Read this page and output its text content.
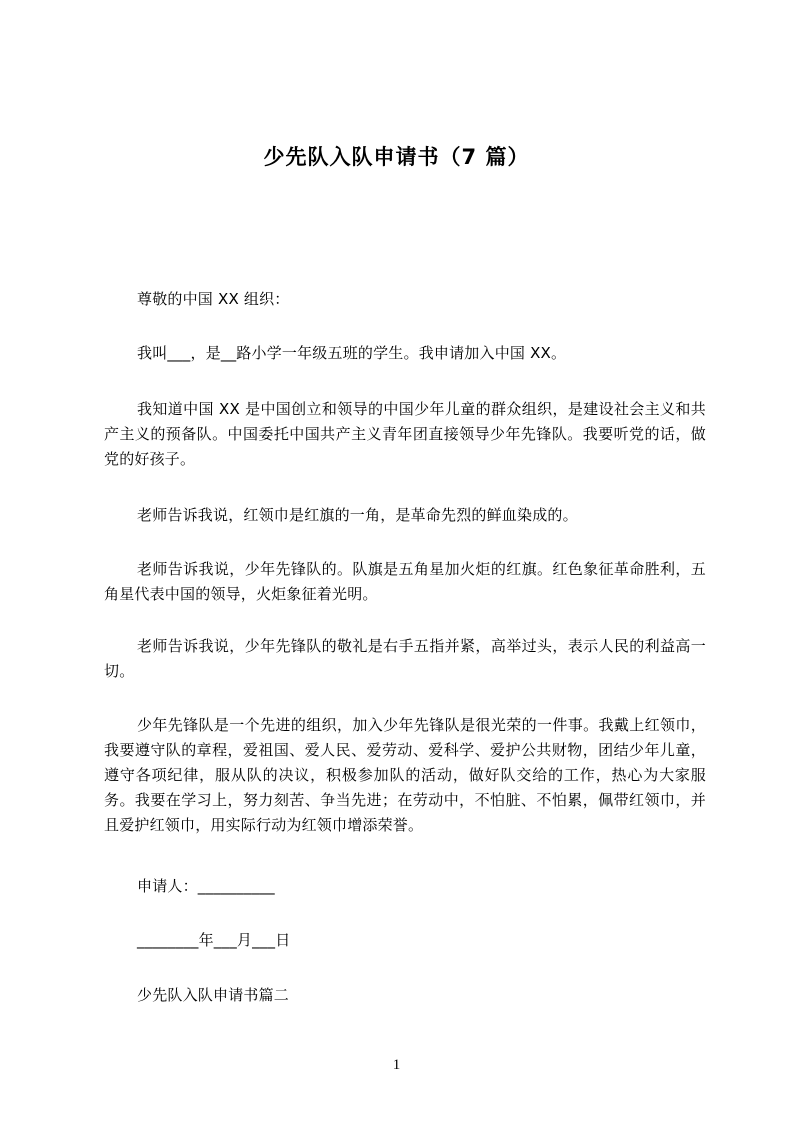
少先队入队申请书（7 篇）

尊敬的中国 XX 组织：

我叫___，是__路小学一年级五班的学生。我申请加入中国 XX。

我知道中国 XX 是中国创立和领导的中国少年儿童的群众组织，是建设社会主义和共产主义的预备队。中国委托中国共产主义青年团直接领导少年先锋队。我要听党的话，做党的好孩子。

老师告诉我说，红领巾是红旗的一角，是革命先烈的鲜血染成的。

老师告诉我说，少年先锋队的。队旗是五角星加火炬的红旗。红色象征革命胜利，五角星代表中国的领导，火炬象征着光明。

老师告诉我说，少年先锋队的敬礼是右手五指并紧，高举过头，表示人民的利益高一切。

少年先锋队是一个先进的组织，加入少年先锋队是很光荣的一件事。我戴上红领巾，我要遵守队的章程，爱祖国、爱人民、爱劳动、爱科学、爱护公共财物，团结少年儿童，遵守各项纪律，服从队的决议，积极参加队的活动，做好队交给的工作，热心为大家服务。我要在学习上，努力刻苦、争当先进；在劳动中，不怕脏、不怕累，佩带红领巾，并且爱护红领巾，用实际行动为红领巾增添荣誉。

申请人：__________

________年___月___日

少先队入队申请书篇二

1
